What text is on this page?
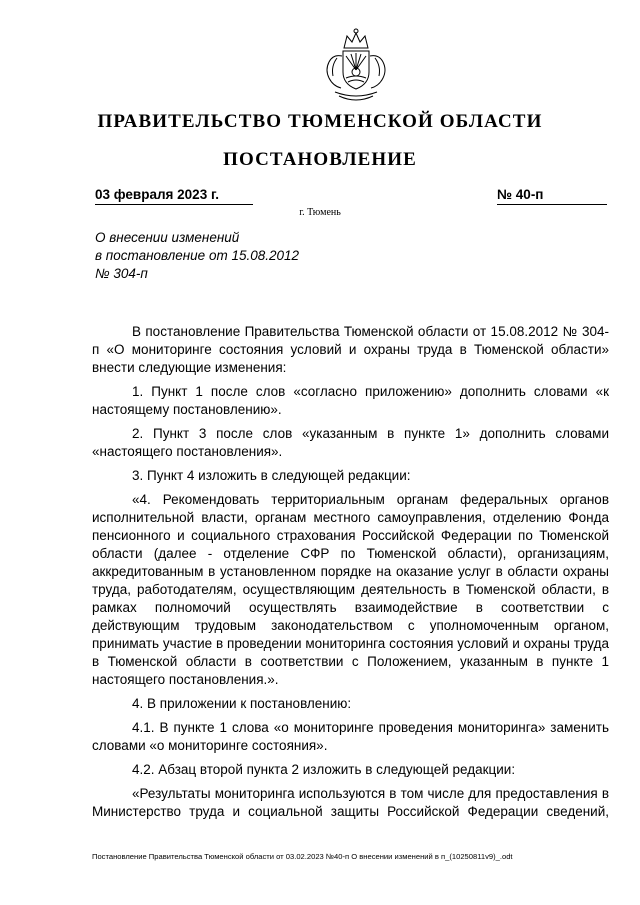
ПРАВИТЕЛЬСТВО ТЮМЕНСКОЙ ОБЛАСТИ
ПОСТАНОВЛЕНИЕ
03 февраля 2023 г.	№ 40-п
г. Тюмень
О внесении изменений
в постановление от 15.08.2012
№ 304-п

В постановление Правительства Тюменской области от 15.08.2012 № 304-п «О мониторинге состояния условий и охраны труда в Тюменской области» внести следующие изменения:

1. Пункт 1 после слов «согласно приложению» дополнить словами «к настоящему постановлению».

2. Пункт 3 после слов «указанным в пункте 1» дополнить словами «настоящего постановления».

3. Пункт 4 изложить в следующей редакции:

«4. Рекомендовать территориальным органам федеральных органов исполнительной власти, органам местного самоуправления, отделению Фонда пенсионного и социального страхования Российской Федерации по Тюменской области (далее - отделение СФР по Тюменской области), организациям, аккредитованным в установленном порядке на оказание услуг в области охраны труда, работодателям, осуществляющим деятельность в Тюменской области, в рамках полномочий осуществлять взаимодействие в соответствии с действующим трудовым законодательством с уполномоченным органом, принимать участие в проведении мониторинга состояния условий и охраны труда в Тюменской области в соответствии с Положением, указанным в пункте 1 настоящего постановления.».

4. В приложении к постановлению:

4.1. В пункте 1 слова «о мониторинге проведения мониторинга» заменить словами «о мониторинге состояния».

4.2. Абзац второй пункта 2 изложить в следующей редакции:

«Результаты мониторинга используются в том числе для предоставления в Министерство труда и социальной защиты Российской Федерации сведений,

Постановление Правительства Тюменской области от 03.02.2023 №40-п О внесении изменений в п_(10250811v9)_.odt
